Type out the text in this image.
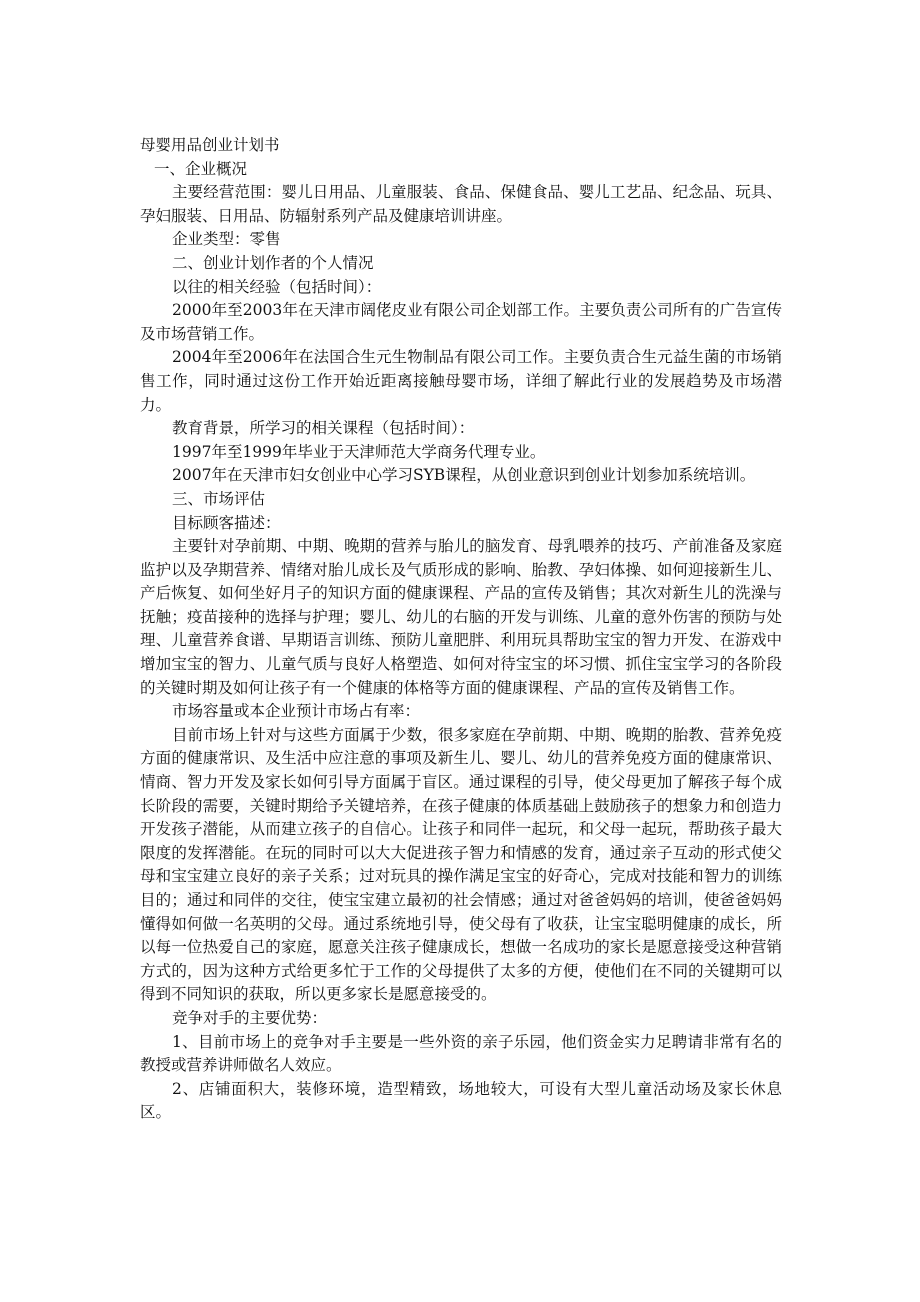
母婴用品创业计划书

一、企业概况

主要经营范围：婴儿日用品、儿童服装、食品、保健食品、婴儿工艺品、纪念品、玩具、孕妇服装、日用品、防辐射系列产品及健康培训讲座。

企业类型：零售

二、创业计划作者的个人情况

以往的相关经验（包括时间）：

2000年至2003年在天津市阔佬皮业有限公司企划部工作。主要负责公司所有的广告宣传及市场营销工作。

2004年至2006年在法国合生元生物制品有限公司工作。主要负责合生元益生菌的市场销售工作，同时通过这份工作开始近距离接触母婴市场，详细了解此行业的发展趋势及市场潜力。

教育背景，所学习的相关课程（包括时间）：

1997年至1999年毕业于天津师范大学商务代理专业。

2007年在天津市妇女创业中心学习SYB课程，从创业意识到创业计划参加系统培训。

三、市场评估

目标顾客描述：

主要针对孕前期、中期、晚期的营养与胎儿的脑发育、母乳喂养的技巧、产前准备及家庭监护以及孕期营养、情绪对胎儿成长及气质形成的影响、胎教、孕妇体操、如何迎接新生儿、产后恢复、如何坐好月子的知识方面的健康课程、产品的宣传及销售；其次对新生儿的洗澡与抚触；疫苗接种的选择与护理；婴儿、幼儿的右脑的开发与训练、儿童的意外伤害的预防与处理、儿童营养食谱、早期语言训练、预防儿童肥胖、利用玩具帮助宝宝的智力开发、在游戏中增加宝宝的智力、儿童气质与良好人格塑造、如何对待宝宝的坏习惯、抓住宝宝学习的各阶段的关键时期及如何让孩子有一个健康的体格等方面的健康课程、产品的宣传及销售工作。

市场容量或本企业预计市场占有率：

目前市场上针对与这些方面属于少数，很多家庭在孕前期、中期、晚期的胎教、营养免疫方面的健康常识、及生活中应注意的事项及新生儿、婴儿、幼儿的营养免疫方面的健康常识、情商、智力开发及家长如何引导方面属于盲区。通过课程的引导，使父母更加了解孩子每个成长阶段的需要，关键时期给予关键培养，在孩子健康的体质基础上鼓励孩子的想象力和创造力开发孩子潜能，从而建立孩子的自信心。让孩子和同伴一起玩，和父母一起玩，帮助孩子最大限度的发挥潜能。在玩的同时可以大大促进孩子智力和情感的发育，通过亲子互动的形式使父母和宝宝建立良好的亲子关系；过对玩具的操作满足宝宝的好奇心，完成对技能和智力的训练目的；通过和同伴的交往，使宝宝建立最初的社会情感；通过对爸爸妈妈的培训，使爸爸妈妈懂得如何做一名英明的父母。通过系统地引导，使父母有了收获，让宝宝聪明健康的成长，所以每一位热爱自己的家庭，愿意关注孩子健康成长，想做一名成功的家长是愿意接受这种营销方式的，因为这种方式给更多忙于工作的父母提供了太多的方便，使他们在不同的关键期可以得到不同知识的获取，所以更多家长是愿意接受的。

竞争对手的主要优势：

1、目前市场上的竞争对手主要是一些外资的亲子乐园，他们资金实力足聘请非常有名的教授或营养讲师做名人效应。

2、店铺面积大，装修环境，造型精致，场地较大，可设有大型儿童活动场及家长休息区。
